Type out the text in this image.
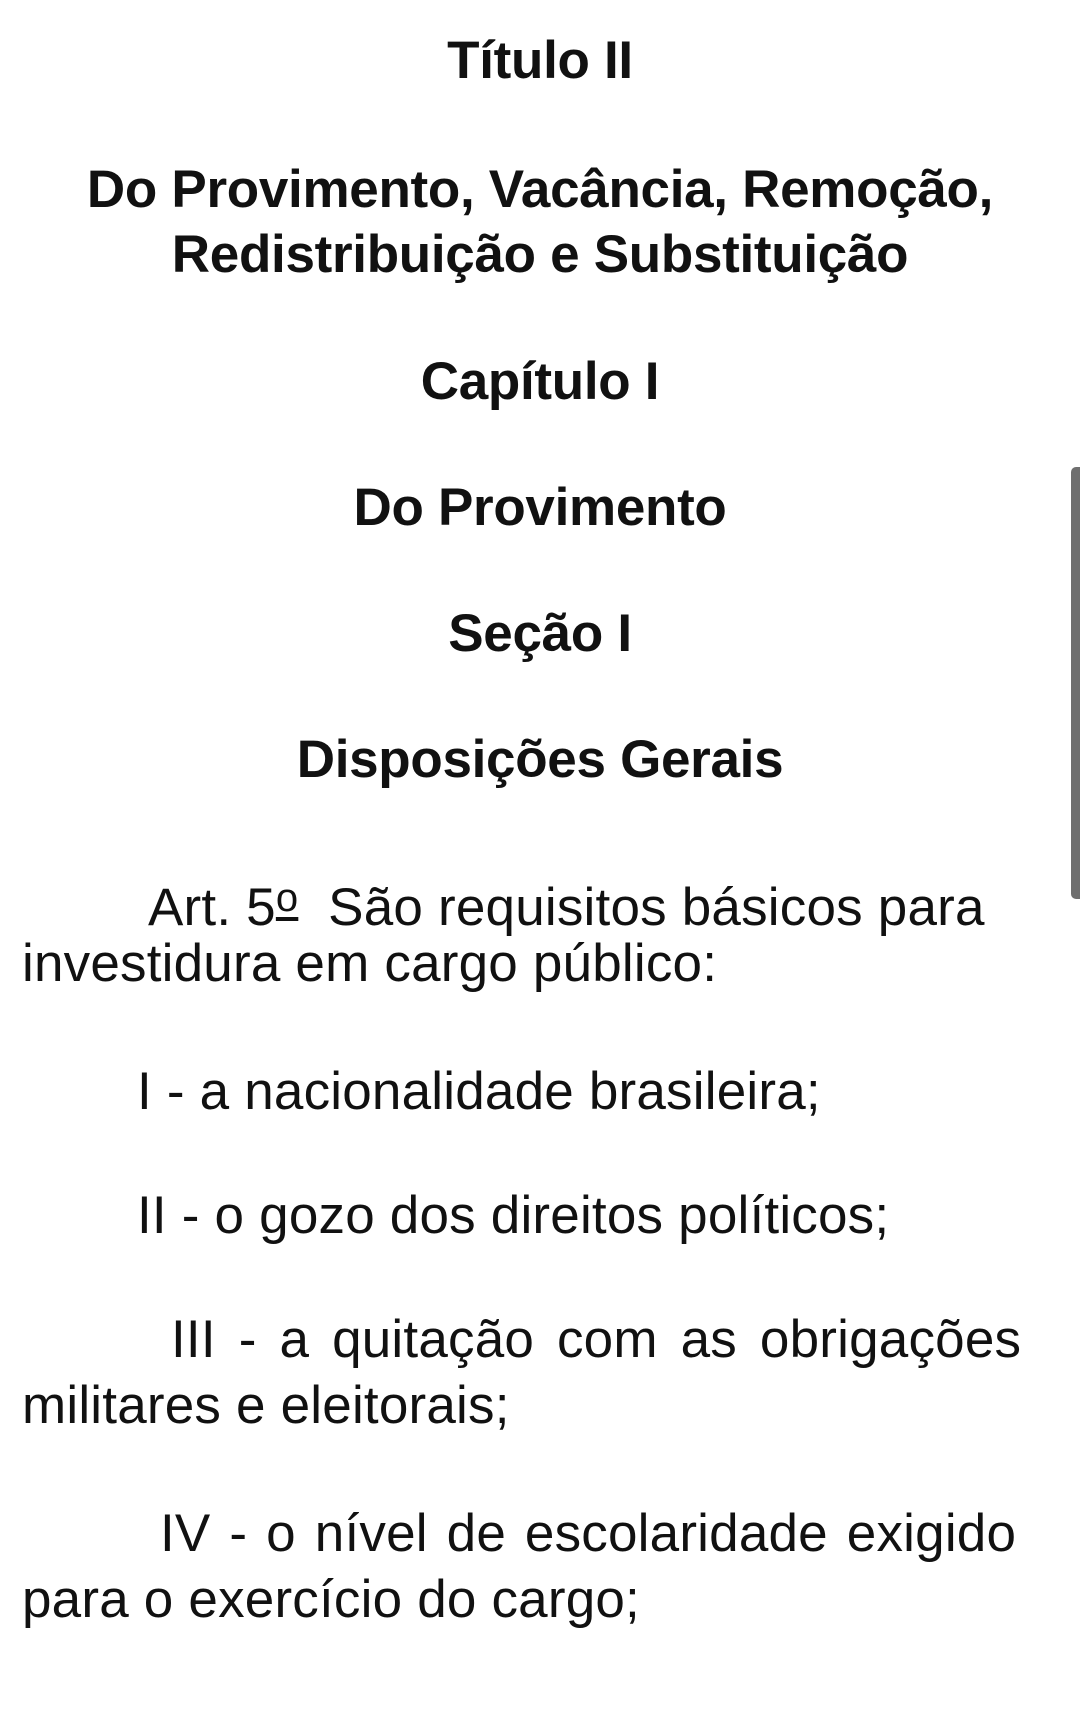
Título II
Do Provimento, Vacância, Remoção,
Redistribuição e Substituição
Capítulo I
Do Provimento
Seção I
Disposições Gerais

Art. 5$^o$ São requisitos básicos para

investidura em cargo público:

I - a nacionalidade brasileira;

II - o gozo dos direitos políticos;

III - a quitação com as obrigações

militares e eleitorais;

IV - o nível de escolaridade exigido

para o exercício do cargo;
